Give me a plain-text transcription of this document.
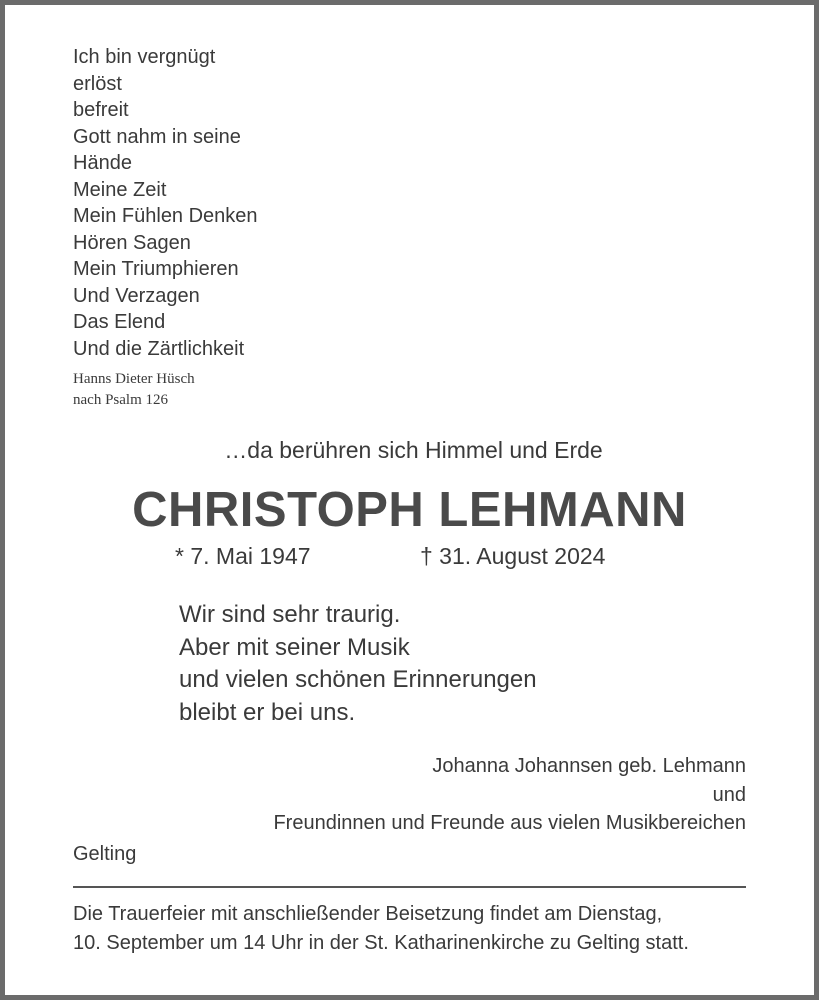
Ich bin vergnügt
erlöst
befreit
Gott nahm in seine
Hände
Meine Zeit
Mein Fühlen Denken
Hören Sagen
Mein Triumphieren
Und Verzagen
Das Elend
Und die Zärtlichkeit
Hanns Dieter Hüsch
nach Psalm 126
…da berühren sich Himmel und Erde
CHRISTOPH LEHMANN
* 7. Mai 1947	† 31. August 2024
Wir sind sehr traurig.
Aber mit seiner Musik
und vielen schönen Erinnerungen
bleibt er bei uns.
Johanna Johannsen geb. Lehmann
und
Freundinnen und Freunde aus vielen Musikbereichen
Gelting
Die Trauerfeier mit anschließender Beisetzung findet am Dienstag,
10. September um 14 Uhr in der St. Katharinenkirche zu Gelting statt.
